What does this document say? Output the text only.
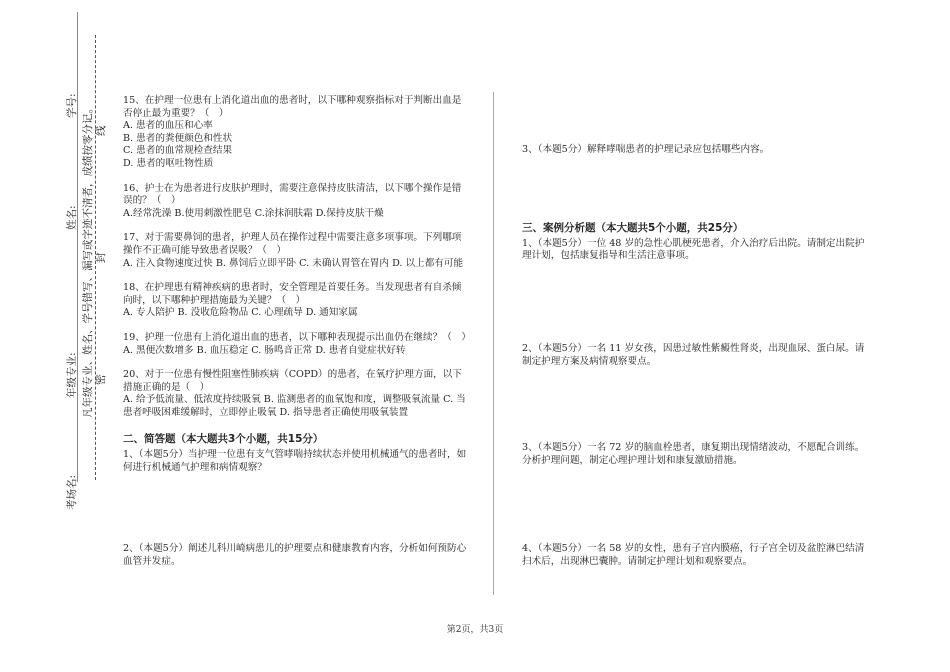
学号:
姓名:
年级专业:
考场名:
凡年级专业、姓名、学号错写、漏写或字迹不清者，成绩按零分记。 密
封
线

15、在护理一位患有上消化道出血的患者时，以下哪种观察指标对于判断出血是否停止最为重要？（　）

A. 患者的血压和心率

B. 患者的粪便颜色和性状

C. 患者的血常规检查结果

D. 患者的呕吐物性质

16、护士在为患者进行皮肤护理时，需要注意保持皮肤清洁，以下哪个操作是错误的？（　）

A.经常洗澡 B.使用刺激性肥皂 C.涂抹润肤霜 D.保持皮肤干燥

17、对于需要鼻饲的患者，护理人员在操作过程中需要注意多项事项。下列哪项操作不正确可能导致患者误吸？（　）

A. 注入食物速度过快 B. 鼻饲后立即平卧 C. 未确认胃管在胃内 D. 以上都有可能

18、在护理患有精神疾病的患者时，安全管理是首要任务。当发现患者有自杀倾向时，以下哪种护理措施最为关键？（　）

A. 专人陪护 B. 没收危险物品 C. 心理疏导 D. 通知家属

19、护理一位患有上消化道出血的患者，以下哪种表现提示出血仍在继续？（　）

A. 黑便次数增多 B. 血压稳定 C. 肠鸣音正常 D. 患者自觉症状好转

20、对于一位患有慢性阻塞性肺疾病（COPD）的患者，在氧疗护理方面，以下措施正确的是（　）

A. 给予低流量、低浓度持续吸氧 B. 监测患者的血氧饱和度，调整吸氧流量 C. 当患者呼吸困难缓解时，立即停止吸氧 D. 指导患者正确使用吸氧装置

二、简答题（本大题共3个小题，共15分）

1、（本题5分）当护理一位患有支气管哮喘持续状态并使用机械通气的患者时，如何进行机械通气护理和病情观察？

2、（本题5分）阐述儿科川崎病患儿的护理要点和健康教育内容，分析如何预防心血管并发症。

3、（本题5分）解释哮喘患者的护理记录应包括哪些内容。

三、案例分析题（本大题共5个小题，共25分）

1、（本题5分）一位 48 岁的急性心肌梗死患者，介入治疗后出院。请制定出院护理计划，包括康复指导和生活注意事项。

2、（本题5分）一名 11 岁女孩，因患过敏性紫癜性肾炎，出现血尿、蛋白尿。请制定护理方案及病情观察要点。

3、（本题5分）一名 72 岁的脑血栓患者，康复期出现情绪波动，不愿配合训练。分析护理问题，制定心理护理计划和康复激励措施。

4、（本题5分）一名 58 岁的女性，患有子宫内膜癌，行子宫全切及盆腔淋巴结清扫术后，出现淋巴囊肿。请制定护理计划和观察要点。

第2页，共3页
